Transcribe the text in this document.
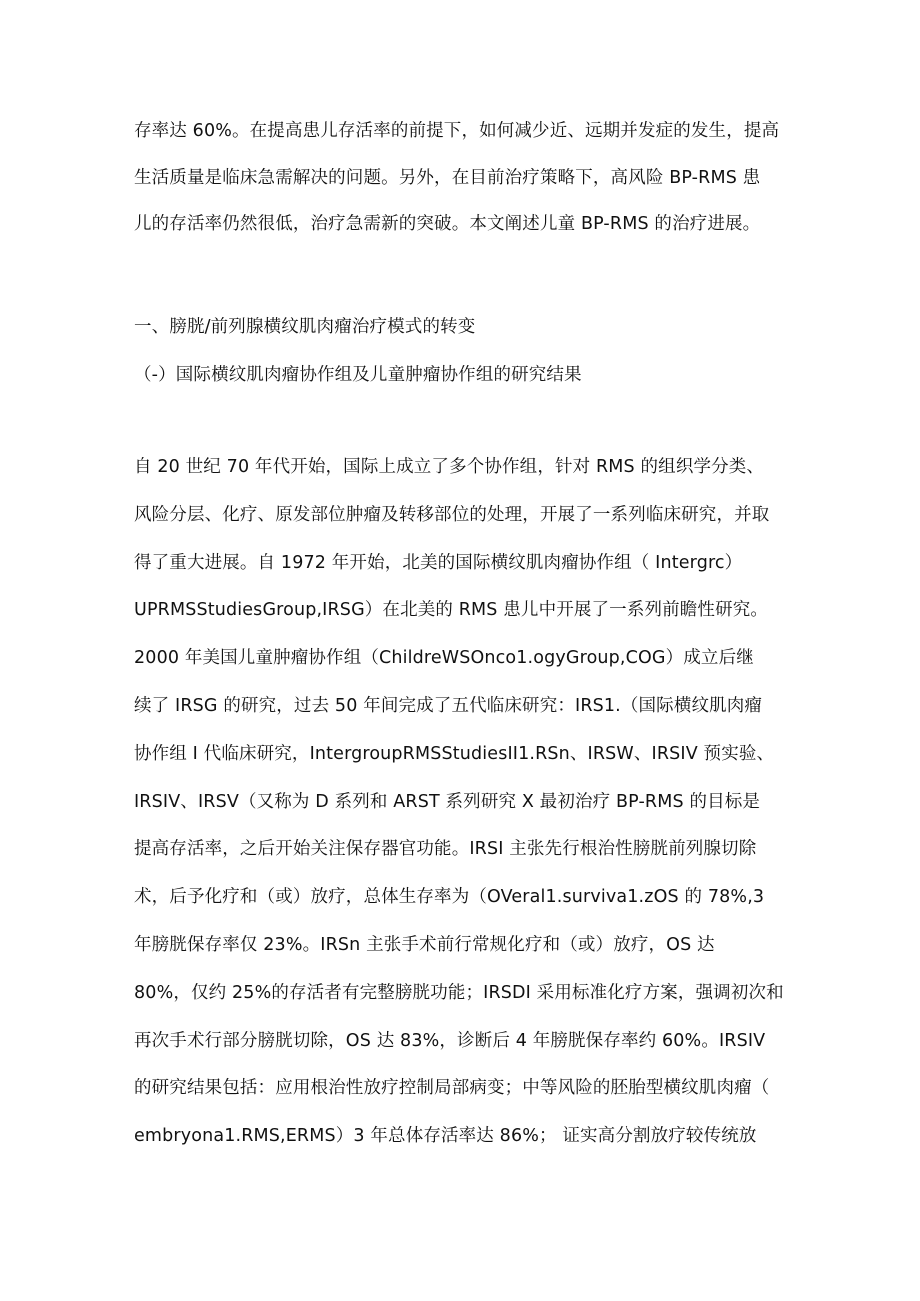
存率达 60%。在提高患儿存活率的前提下，如何减少近、远期并发症的发生，提高
生活质量是临床急需解决的问题。另外，在目前治疗策略下，高风险 BP-RMS 患
儿的存活率仍然很低，治疗急需新的突破。本文阐述儿童 BP-RMS 的治疗进展。
一、膀胱/前列腺横纹肌肉瘤治疗模式的转变
（-）国际横纹肌肉瘤协作组及儿童肿瘤协作组的研究结果
自 20 世纪 70 年代开始，国际上成立了多个协作组，针对 RMS 的组织学分类、
风险分层、化疗、原发部位肿瘤及转移部位的处理，开展了一系列临床研究，并取
得了重大进展。自 1972 年开始，北美的国际横纹肌肉瘤协作组（ Intergrc）
UPRMSStudiesGroup,IRSG）在北美的 RMS 患儿中开展了一系列前瞻性研究。
2000 年美国儿童肿瘤协作组（ChildreWSOnco1.ogyGroup,COG）成立后继
续了 IRSG 的研究，过去 50 年间完成了五代临床研究：IRS1.（国际横纹肌肉瘤
协作组 I 代临床研究，IntergroupRMSStudiesII1.RSn、IRSW、IRSIV 预实验、
IRSIV、IRSV（又称为 D 系列和 ARST 系列研究 X 最初治疗 BP-RMS 的目标是
提高存活率，之后开始关注保存器官功能。IRSI 主张先行根治性膀胱前列腺切除
术，后予化疗和（或）放疗，总体生存率为（OVeral1.surviva1.zOS 的 78%,3
年膀胱保存率仅 23%。IRSn 主张手术前行常规化疗和（或）放疗，OS 达
80%，仅约 25%的存活者有完整膀胱功能；IRSDI 采用标准化疗方案，强调初次和
再次手术行部分膀胱切除，OS 达 83%，诊断后 4 年膀胱保存率约 60%。IRSIV
的研究结果包括：应用根治性放疗控制局部病变；中等风险的胚胎型横纹肌肉瘤（
embryona1.RMS,ERMS）3 年总体存活率达 86%； 证实高分割放疗较传统放
